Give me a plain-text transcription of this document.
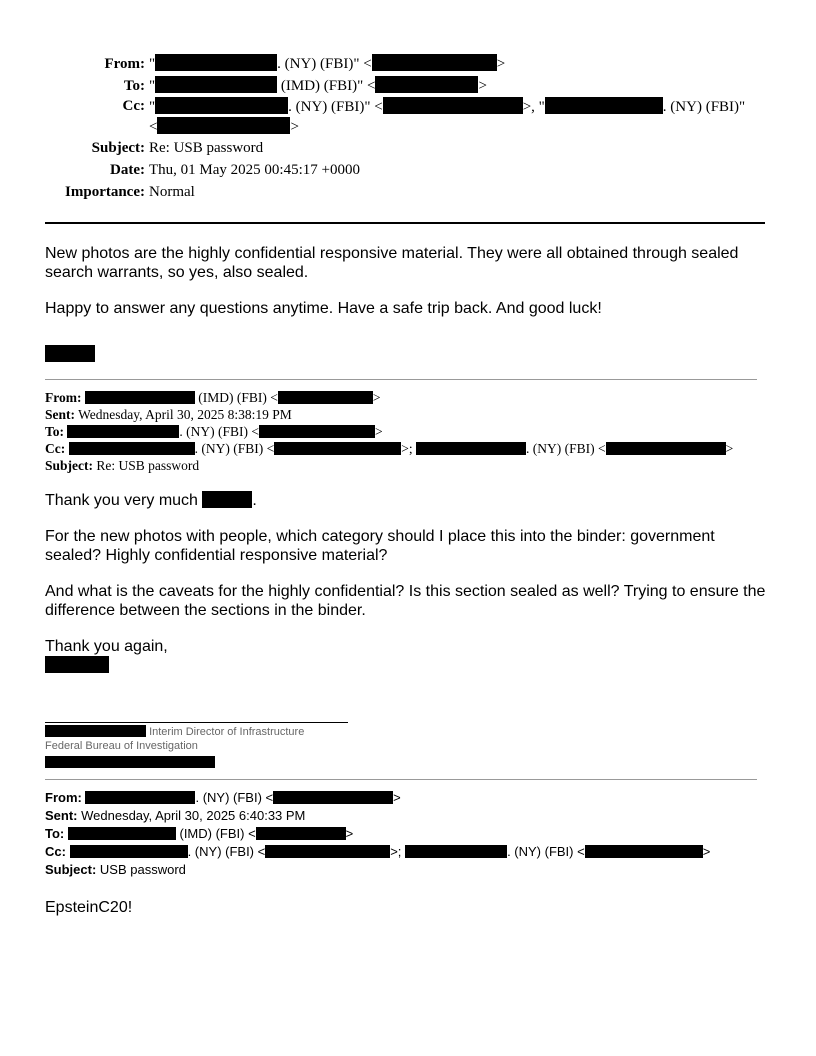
From: "	. (NY) (FBI)" <	>
To: "	(IMD) (FBI)" <	>
Cc: "	. (NY) (FBI)" <	>, "	. (NY) (FBI)"
<	>
Subject: Re: USB password
Date: Thu, 01 May 2025 00:45:17 +0000
Importance: Normal

New photos are the highly confidential responsive material. They were all obtained through sealed search warrants, so yes, also sealed.

Happy to answer any questions anytime. Have a safe trip back. And good luck!

From:	(IMD) (FBI) <	>
Sent: Wednesday, April 30, 2025 8:38:19 PM
To:	. (NY) (FBI) <	>
Cc:	. (NY) (FBI) <	>;	. (NY) (FBI) <	>
Subject: Re: USB password

Thank you very much	.

For the new photos with people, which category should I place this into the binder: government sealed? Highly confidential responsive material?

And what is the caveats for the highly confidential? Is this section sealed as well? Trying to ensure the difference between the sections in the binder.

Thank you again,

Interim Director of Infrastructure
Federal Bureau of Investigation
From:	. (NY) (FBI) <	>
Sent: Wednesday, April 30, 2025 6:40:33 PM
To:	(IMD) (FBI) <	>
Cc:	. (NY) (FBI) <	>;	. (NY) (FBI) <	>
Subject: USB password
EpsteinC20!
